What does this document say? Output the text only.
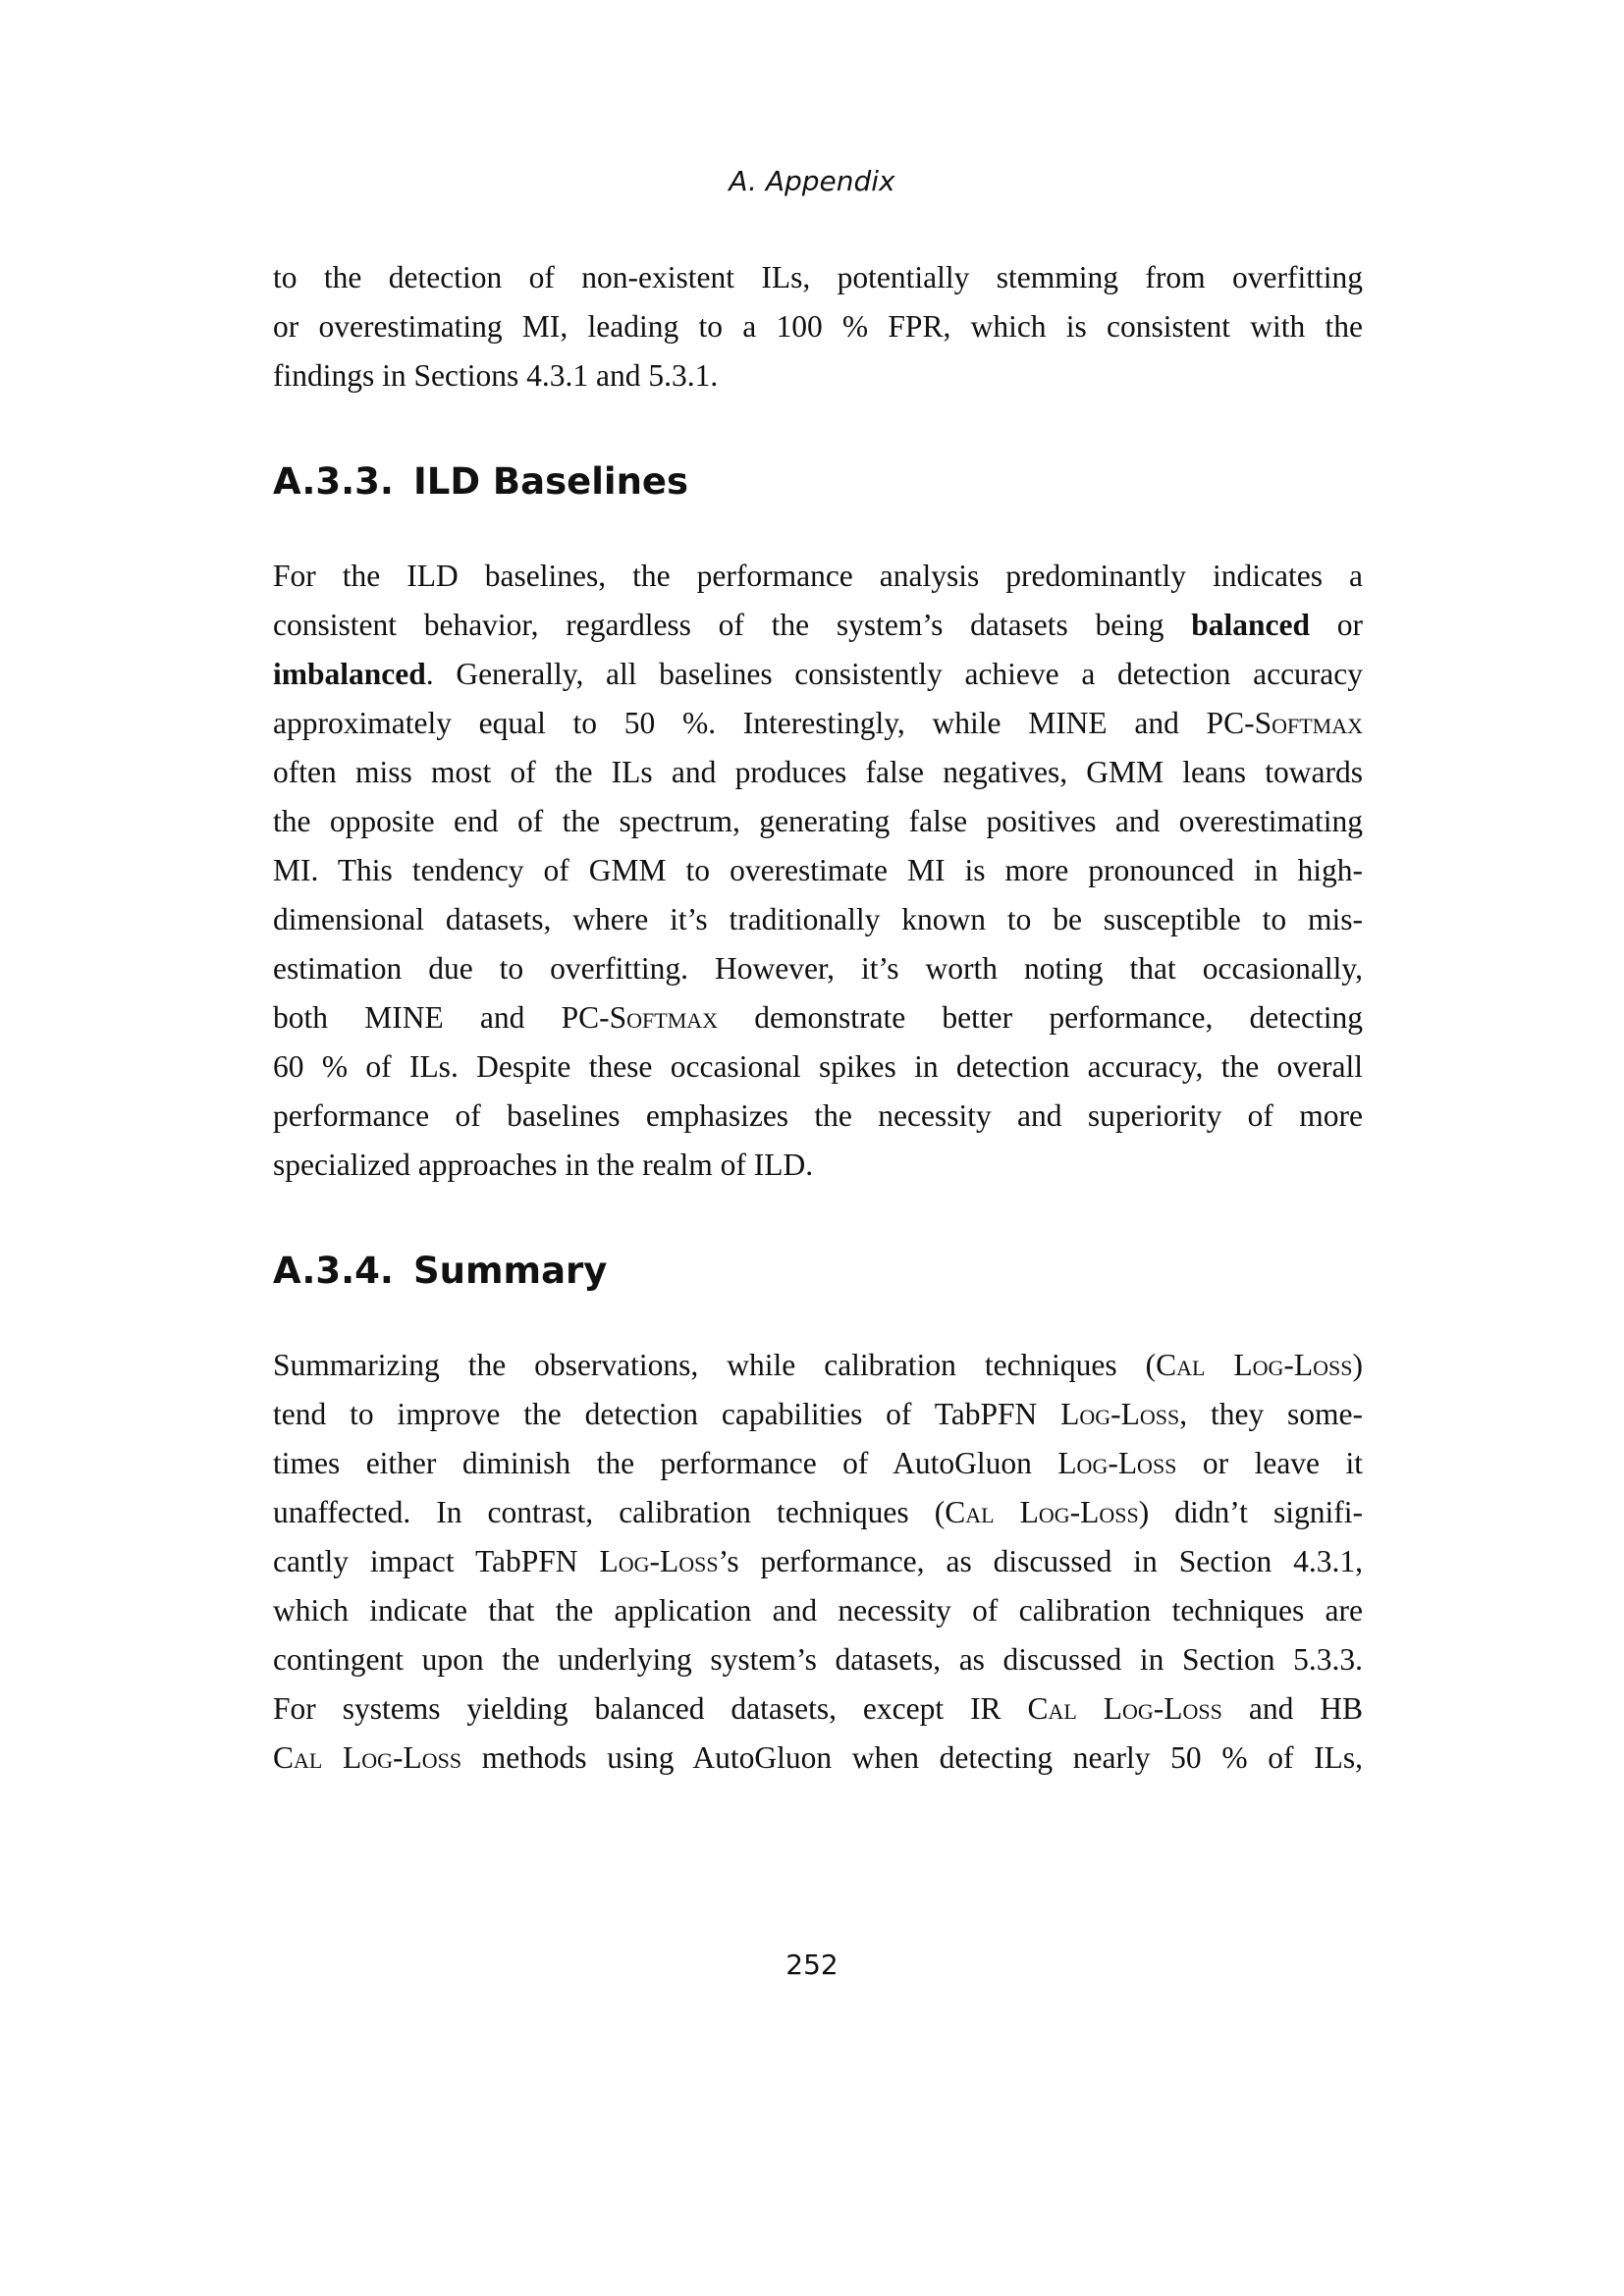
A. Appendix

to the detection of non-existent ILs, potentially stemming from overfitting
or overestimating MI, leading to a 100 % FPR, which is consistent with the
findings in Sections 4.3.1 and 5.3.1.

A.3.3. ILD Baselines

For the ILD baselines, the performance analysis predominantly indicates a
consistent behavior, regardless of the system’s datasets being balanced or
imbalanced. Generally, all baselines consistently achieve a detection accuracy
approximately equal to 50 %. Interestingly, while MINE and PC-Softmax
often miss most of the ILs and produces false negatives, GMM leans towards
the opposite end of the spectrum, generating false positives and overestimating
MI. This tendency of GMM to overestimate MI is more pronounced in high-
dimensional datasets, where it’s traditionally known to be susceptible to mis-
estimation due to overfitting. However, it’s worth noting that occasionally,
both MINE and PC-Softmax demonstrate better performance, detecting
60 % of ILs. Despite these occasional spikes in detection accuracy, the overall
performance of baselines emphasizes the necessity and superiority of more
specialized approaches in the realm of ILD.

A.3.4. Summary

Summarizing the observations, while calibration techniques (Cal Log-Loss)
tend to improve the detection capabilities of TabPFN Log-Loss, they some-
times either diminish the performance of AutoGluon Log-Loss or leave it
unaffected. In contrast, calibration techniques (Cal Log-Loss) didn’t signifi-
cantly impact TabPFN Log-Loss’s performance, as discussed in Section 4.3.1,
which indicate that the application and necessity of calibration techniques are
contingent upon the underlying system’s datasets, as discussed in Section 5.3.3.
For systems yielding balanced datasets, except IR Cal Log-Loss and HB
Cal Log-Loss methods using AutoGluon when detecting nearly 50 % of ILs,

252
